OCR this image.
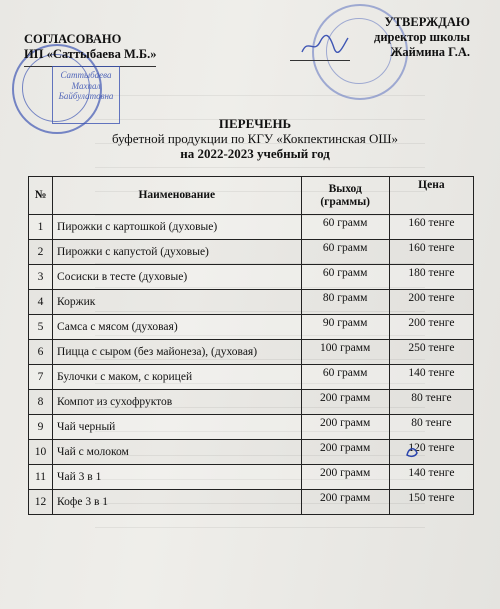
СОГЛАСОВАНО
ИП «Саттыбаева М.Б.»
Саттыбаева
Махпал
Байбулатовна
УТВЕРЖДАЮ
директор школы
Жаймина Г.А.
ПЕРЕЧЕНЬ
буфетной продукции по КГУ «Кокпектинская ОШ»
на 2022-2023 учебный год
№	Наименование	Выход (граммы)	Цена
1	Пирожки с картошкой (духовые)	60 грамм	160 тенге
2	Пирожки с капустой (духовые)	60 грамм	160 тенге
3	Сосиски в тесте (духовые)	60 грамм	180 тенге
4	Коржик	80 грамм	200 тенге
5	Самса с мясом (духовая)	90 грамм	200 тенге
6	Пицца с сыром (без майонеза), (духовая)	100 грамм	250 тенге
7	Булочки с маком, с корицей	60 грамм	140 тенге
8	Компот из сухофруктов	200 грамм	80 тенге
9	Чай черный	200 грамм	80 тенге
10	Чай с молоком	200 грамм	120 тенге
11	Чай 3 в 1	200 грамм	140 тенге
12	Кофе 3 в 1	200 грамм	150 тенге
